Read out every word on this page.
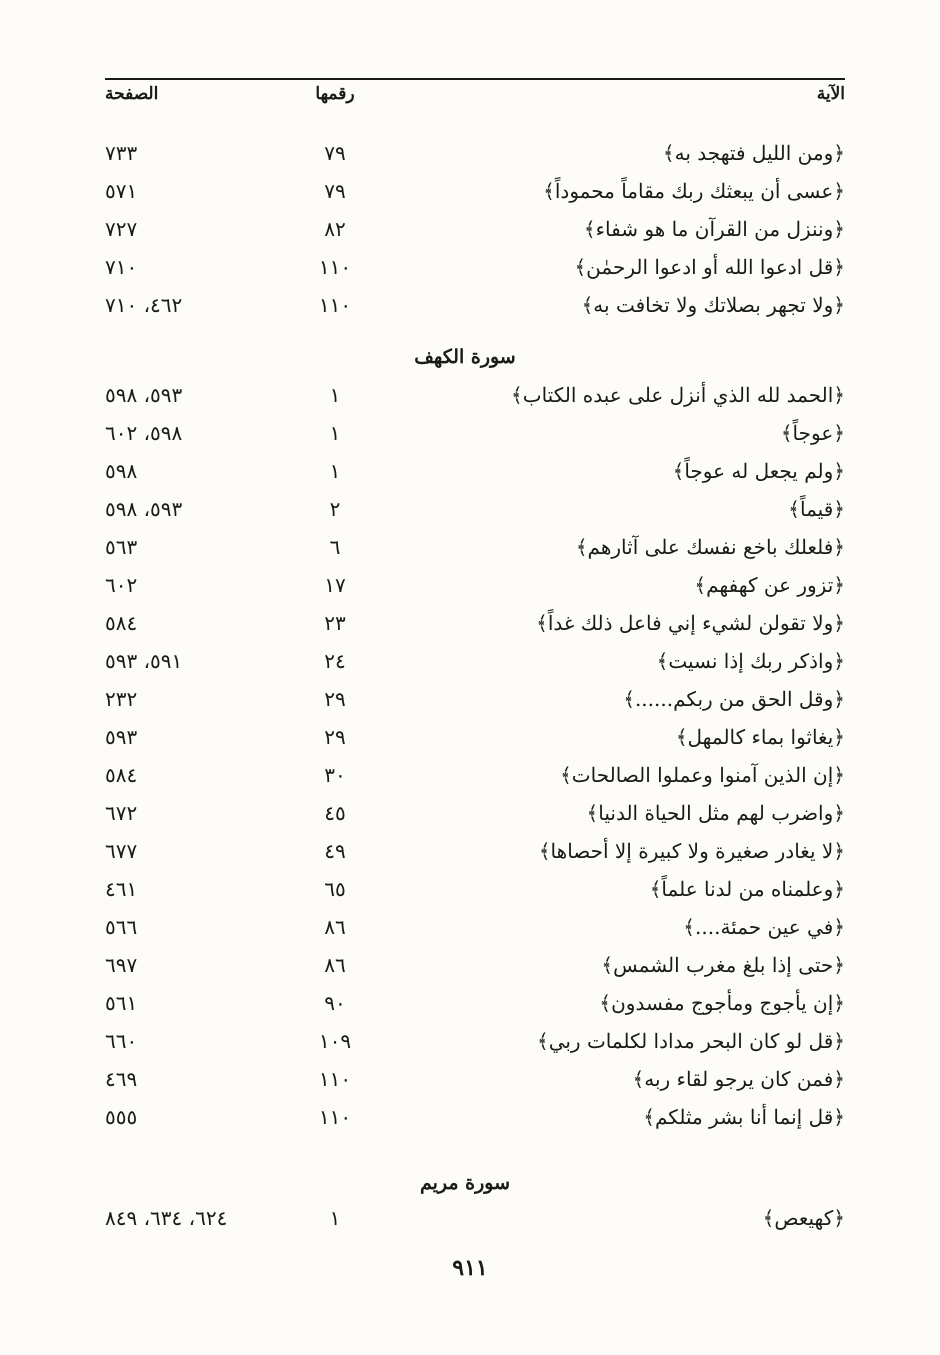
الآية
رقمها
الصفحة
﴿ومن الليل فتهجد به﴾
٧٩
٧٣٣
﴿عسى أن يبعثك ربك مقاماً محموداً﴾
٧٩
٥٧١
﴿وننزل من القرآن ما هو شفاء﴾
٨٢
٧٢٧
﴿قل ادعوا الله أو ادعوا الرحمٰن﴾
١١٠
٧١٠
﴿ولا تجهر بصلاتك ولا تخافت به﴾
١١٠
٤٦٢، ٧١٠
سورة الكهف
﴿الحمد لله الذي أنزل على عبده الكتاب﴾
١
٥٩٣، ٥٩٨
﴿عوجاً﴾
١
٥٩٨، ٦٠٢
﴿ولم يجعل له عوجاً﴾
١
٥٩٨
﴿قيماً﴾
٢
٥٩٣، ٥٩٨
﴿فلعلك باخع نفسك على آثارهم﴾
٦
٥٦٣
﴿تزور عن كهفهم﴾
١٧
٦٠٢
﴿ولا تقولن لشيء إني فاعل ذلك غداً﴾
٢٣
٥٨٤
﴿واذكر ربك إذا نسيت﴾
٢٤
٥٩١، ٥٩٣
﴿وقل الحق من ربكم......﴾
٢٩
٢٣٢
﴿يغاثوا بماء كالمهل﴾
٢٩
٥٩٣
﴿إن الذين آمنوا وعملوا الصالحات﴾
٣٠
٥٨٤
﴿واضرب لهم مثل الحياة الدنيا﴾
٤٥
٦٧٢
﴿لا يغادر صغيرة ولا كبيرة إلا أحصاها﴾
٤٩
٦٧٧
﴿وعلمناه من لدنا علماً﴾
٦٥
٤٦١
﴿في عين حمئة....﴾
٨٦
٥٦٦
﴿حتى إذا بلغ مغرب الشمس﴾
٨٦
٦٩٧
﴿إن يأجوج ومأجوج مفسدون﴾
٩٠
٥٦١
﴿قل لو كان البحر مدادا لكلمات ربي﴾
١٠٩
٦٦٠
﴿فمن كان يرجو لقاء ربه﴾
١١٠
٤٦٩
﴿قل إنما أنا بشر مثلكم﴾
١١٠
٥٥٥
سورة مريم
﴿كهيعص﴾
١
٦٢٤، ٦٣٤، ٨٤٩
٩١١
